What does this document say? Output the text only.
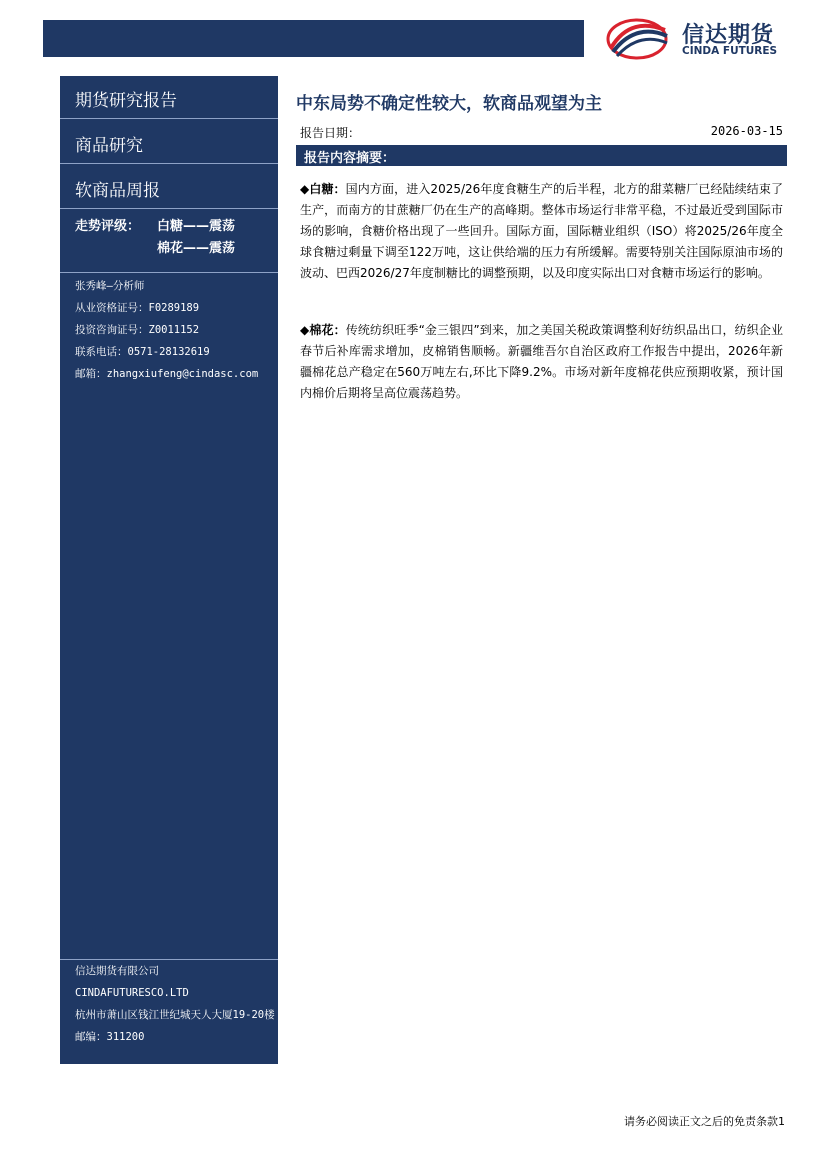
信达期货
CINDA FUTURES
期货研究报告
商品研究
软商品周报
走势评级： 白糖——震荡
棉花——震荡
张秀峰—分析师
从业资格证号：F0289189
投资咨询证号：Z0011152
联系电话：0571-28132619
邮箱：zhangxiufeng@cindasc.com
信达期货有限公司
CINDAFUTURESCO.LTD
杭州市萧山区钱江世纪城天人大厦19-20楼
邮编：311200
中东局势不确定性较大，软商品观望为主
报告日期：	2026-03-15
报告内容摘要：
◆白糖：国内方面，进入2025/26年度食糖生产的后半程，北方的甜菜糖厂已经陆续结束了生产，而南方的甘蔗糖厂仍在生产的高峰期。整体市场运行非常平稳，不过最近受到国际市场的影响，食糖价格出现了一些回升。国际方面，国际糖业组织（ISO）将2025/26年度全球食糖过剩量下调至122万吨，这让供给端的压力有所缓解。需要特别关注国际原油市场的波动、巴西2026/27年度制糖比的调整预期，以及印度实际出口对食糖市场运行的影响。
◆棉花：传统纺织旺季“金三银四”到来，加之美国关税政策调整利好纺织品出口，纺织企业春节后补库需求增加，皮棉销售顺畅。新疆维吾尔自治区政府工作报告中提出，2026年新疆棉花总产稳定在560万吨左右,环比下降9.2%。市场对新年度棉花供应预期收紧，预计国内棉价后期将呈高位震荡趋势。
请务必阅读正文之后的免责条款1
